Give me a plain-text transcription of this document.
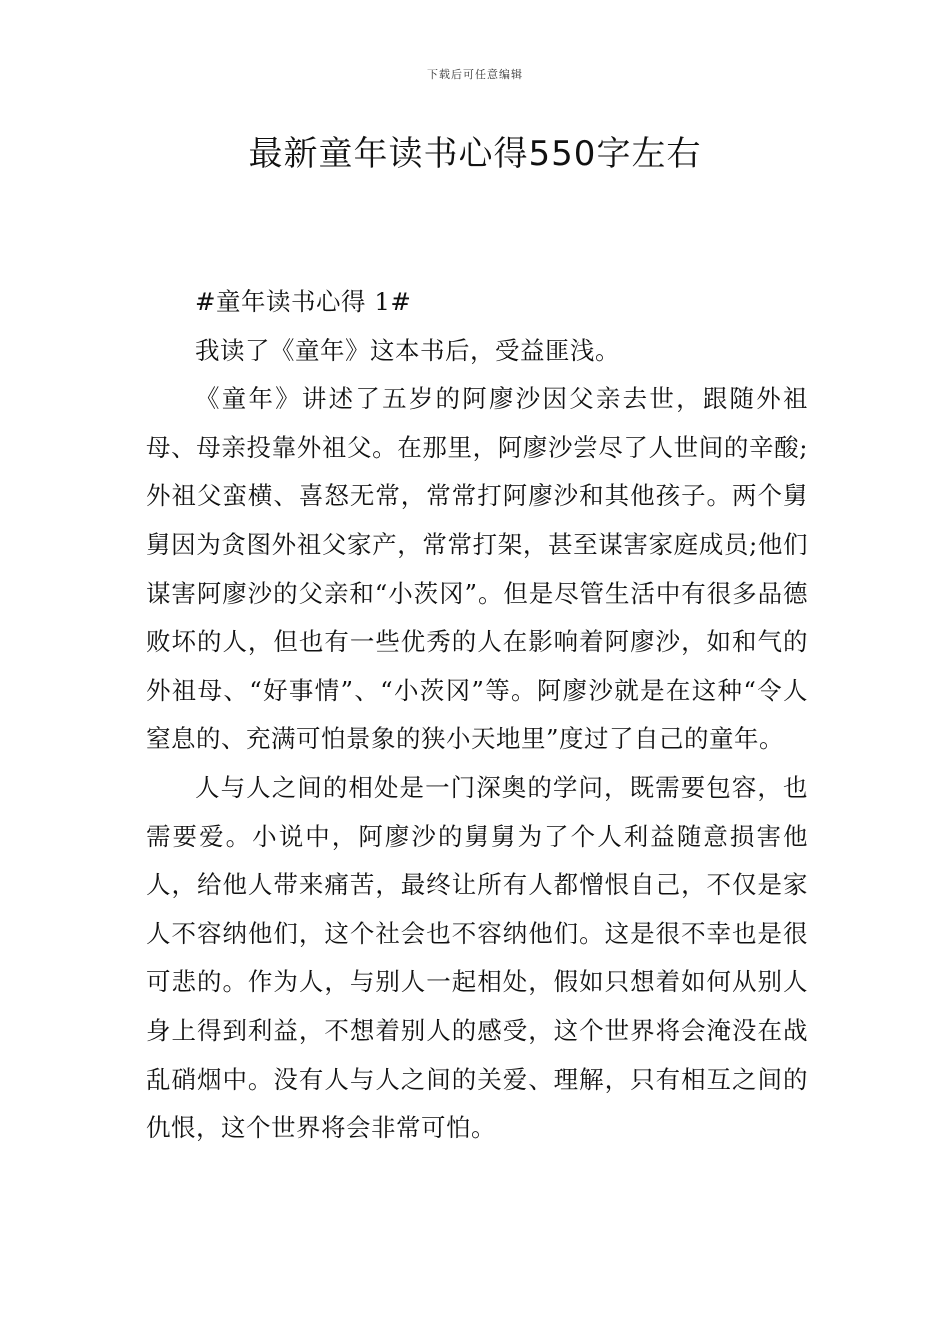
下载后可任意编辑
最新童年读书心得550字左右

#童年读书心得 1#

我读了《童年》这本书后，受益匪浅。

《童年》讲述了五岁的阿廖沙因父亲去世，跟随外祖母、母亲投靠外祖父。在那里，阿廖沙尝尽了人世间的辛酸;外祖父蛮横、喜怒无常，常常打阿廖沙和其他孩子。两个舅舅因为贪图外祖父家产，常常打架，甚至谋害家庭成员;他们谋害阿廖沙的父亲和“小茨冈”。但是尽管生活中有很多品德败坏的人，但也有一些优秀的人在影响着阿廖沙，如和气的外祖母、“好事情”、“小茨冈”等。阿廖沙就是在这种“令人窒息的、充满可怕景象的狭小天地里”度过了自己的童年。

人与人之间的相处是一门深奥的学问，既需要包容，也需要爱。小说中，阿廖沙的舅舅为了个人利益随意损害他人，给他人带来痛苦，最终让所有人都憎恨自己，不仅是家人不容纳他们，这个社会也不容纳他们。这是很不幸也是很可悲的。作为人，与别人一起相处，假如只想着如何从别人身上得到利益，不想着别人的感受，这个世界将会淹没在战乱硝烟中。没有人与人之间的关爱、理解，只有相互之间的仇恨，这个世界将会非常可怕。
